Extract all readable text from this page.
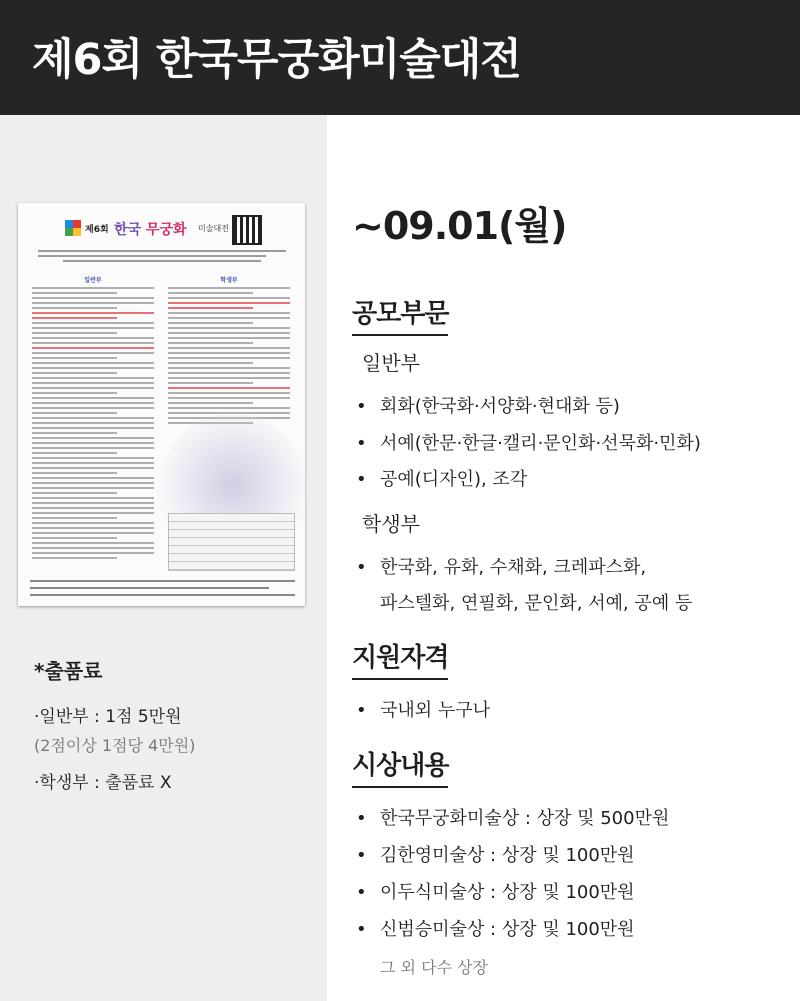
제6회 한국무궁화미술대전
제6회 한국 무궁화 미술대전
일반부	학생부
*출품료
·일반부 : 1점 5만원
(2점이상 1점당 4만원)
·학생부 : 출품료 X
~09.01(월)
공모부문
일반부
• 회화(한국화·서양화·현대화 등)
• 서예(한문·한글·캘리·문인화·선묵화·민화)
• 공예(디자인), 조각
학생부
• 한국화, 유화, 수채화, 크레파스화,
파스텔화, 연필화, 문인화, 서예, 공예 등
지원자격
• 국내외 누구나
시상내용
• 한국무궁화미술상 : 상장 및 500만원
• 김한영미술상 : 상장 및 100만원
• 이두식미술상 : 상장 및 100만원
• 신범승미술상 : 상장 및 100만원
그 외 다수 상장
